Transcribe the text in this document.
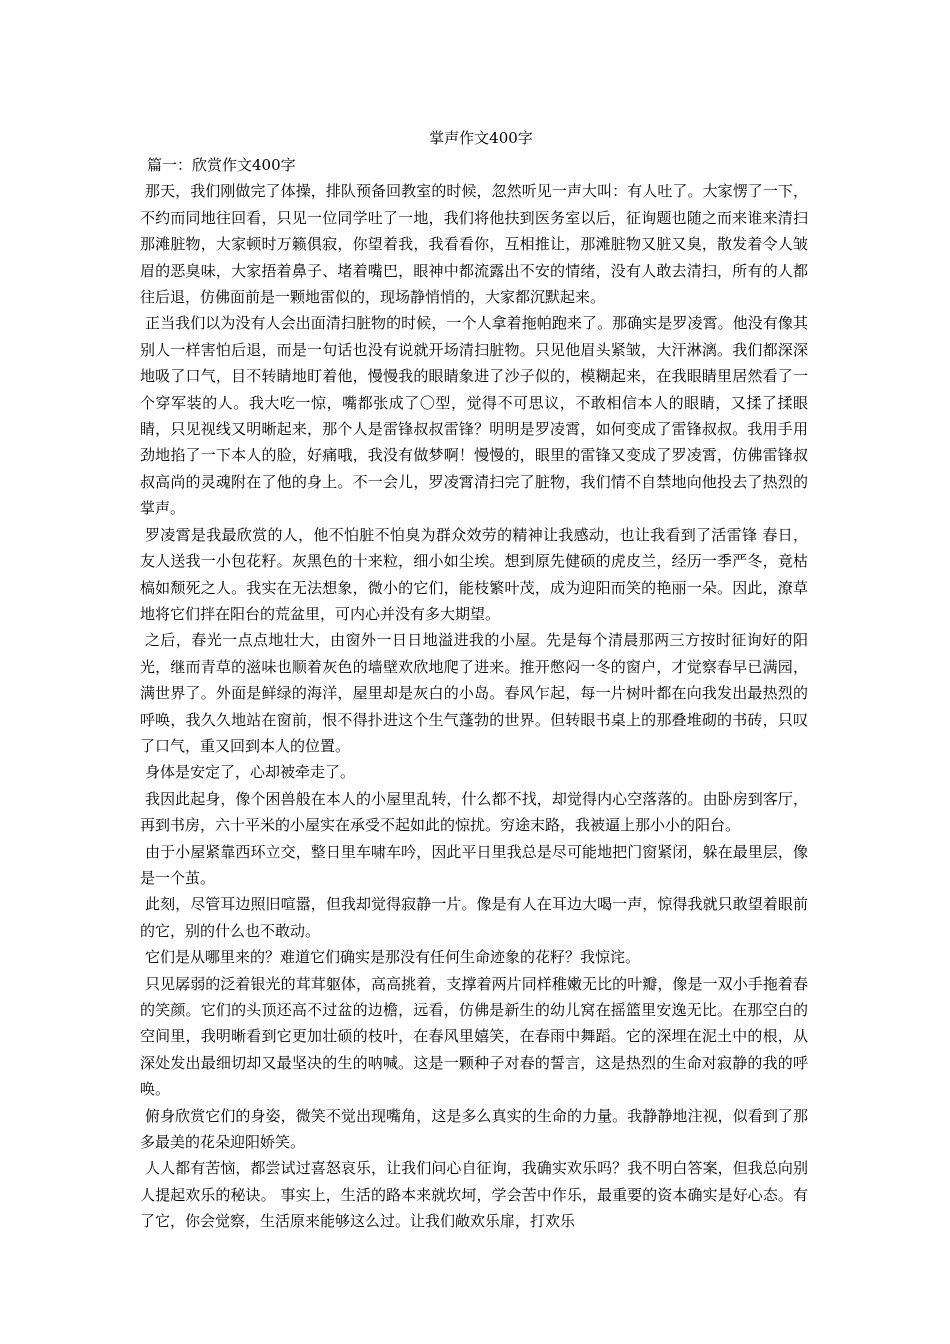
掌声作文400字
篇一：欣赏作文400字

那天，我们刚做完了体操，排队预备回教室的时候，忽然听见一声大叫：有人吐了。大家愣了一下，不约而同地往回看，只见一位同学吐了一地，我们将他扶到医务室以后，征询题也随之而来谁来清扫那滩脏物，大家顿时万籁俱寂，你望着我，我看看你，互相推让，那滩脏物又脏又臭，散发着令人皱眉的恶臭味，大家捂着鼻子、堵着嘴巴，眼神中都流露出不安的情绪，没有人敢去清扫，所有的人都往后退，仿佛面前是一颗地雷似的，现场静悄悄的，大家都沉默起来。

正当我们以为没有人会出面清扫脏物的时候，一个人拿着拖帕跑来了。那确实是罗凌霄。他没有像其别人一样害怕后退，而是一句话也没有说就开场清扫脏物。只见他眉头紧皱，大汗淋漓。我们都深深地吸了口气，目不转睛地盯着他，慢慢我的眼睛象进了沙子似的，模糊起来，在我眼睛里居然看了一个穿军装的人。我大吃一惊，嘴都张成了〇型，觉得不可思议，不敢相信本人的眼睛，又揉了揉眼睛，只见视线又明晰起来，那个人是雷锋叔叔雷锋？明明是罗凌霄，如何变成了雷锋叔叔。我用手用劲地掐了一下本人的脸，好痛哦，我没有做梦啊！慢慢的，眼里的雷锋又变成了罗凌霄，仿佛雷锋叔叔高尚的灵魂附在了他的身上。不一会儿，罗凌霄清扫完了脏物，我们情不自禁地向他投去了热烈的掌声。

罗凌霄是我最欣赏的人，他不怕脏不怕臭为群众效劳的精神让我感动，也让我看到了活雷锋 春日，友人送我一小包花籽。灰黑色的十来粒，细小如尘埃。想到原先健硕的虎皮兰，经历一季严冬，竟枯槁如颓死之人。我实在无法想象，微小的它们，能枝繁叶茂，成为迎阳而笑的艳丽一朵。因此，潦草地将它们拌在阳台的荒盆里，可内心并没有多大期望。

之后，春光一点点地壮大，由窗外一日日地溢进我的小屋。先是每个清晨那两三方按时征询好的阳光，继而青草的滋味也顺着灰色的墙壁欢欣地爬了进来。推开憋闷一冬的窗户，才觉察春早已满园，满世界了。外面是鲜绿的海洋，屋里却是灰白的小岛。春风乍起，每一片树叶都在向我发出最热烈的呼唤，我久久地站在窗前，恨不得扑进这个生气蓬勃的世界。但转眼书桌上的那叠堆砌的书砖，只叹了口气，重又回到本人的位置。

身体是安定了，心却被牵走了。

我因此起身，像个困兽般在本人的小屋里乱转，什么都不找，却觉得内心空落落的。由卧房到客厅，再到书房，六十平米的小屋实在承受不起如此的惊扰。穷途末路，我被逼上那小小的阳台。

由于小屋紧靠西环立交，整日里车啸车吟，因此平日里我总是尽可能地把门窗紧闭，躲在最里层，像是一个茧。

此刻，尽管耳边照旧喧嚣，但我却觉得寂静一片。像是有人在耳边大喝一声，惊得我就只敢望着眼前的它，别的什么也不敢动。

它们是从哪里来的？难道它们确实是那没有任何生命迹象的花籽？我惊诧。

只见孱弱的泛着银光的茸茸躯体，高高挑着，支撑着两片同样稚嫩无比的叶瓣，像是一双小手拖着春的笑颜。它们的头顶还高不过盆的边檐，远看，仿佛是新生的幼儿窝在摇篮里安逸无比。在那空白的空间里，我明晰看到它更加壮硕的枝叶，在春风里嬉笑，在春雨中舞蹈。它的深埋在泥土中的根，从深处发出最细切却又最坚决的生的呐喊。这是一颗种子对春的誓言，这是热烈的生命对寂静的我的呼唤。

俯身欣赏它们的身姿，微笑不觉出现嘴角，这是多么真实的生命的力量。我静静地注视，似看到了那多最美的花朵迎阳娇笑。

人人都有苦恼，都尝试过喜怒哀乐，让我们问心自征询，我确实欢乐吗？我不明白答案，但我总向别人提起欢乐的秘诀。 事实上，生活的路本来就坎坷，学会苦中作乐，最重要的资本确实是好心态。有了它，你会觉察，生活原来能够这么过。让我们敞欢乐扉，打欢乐
